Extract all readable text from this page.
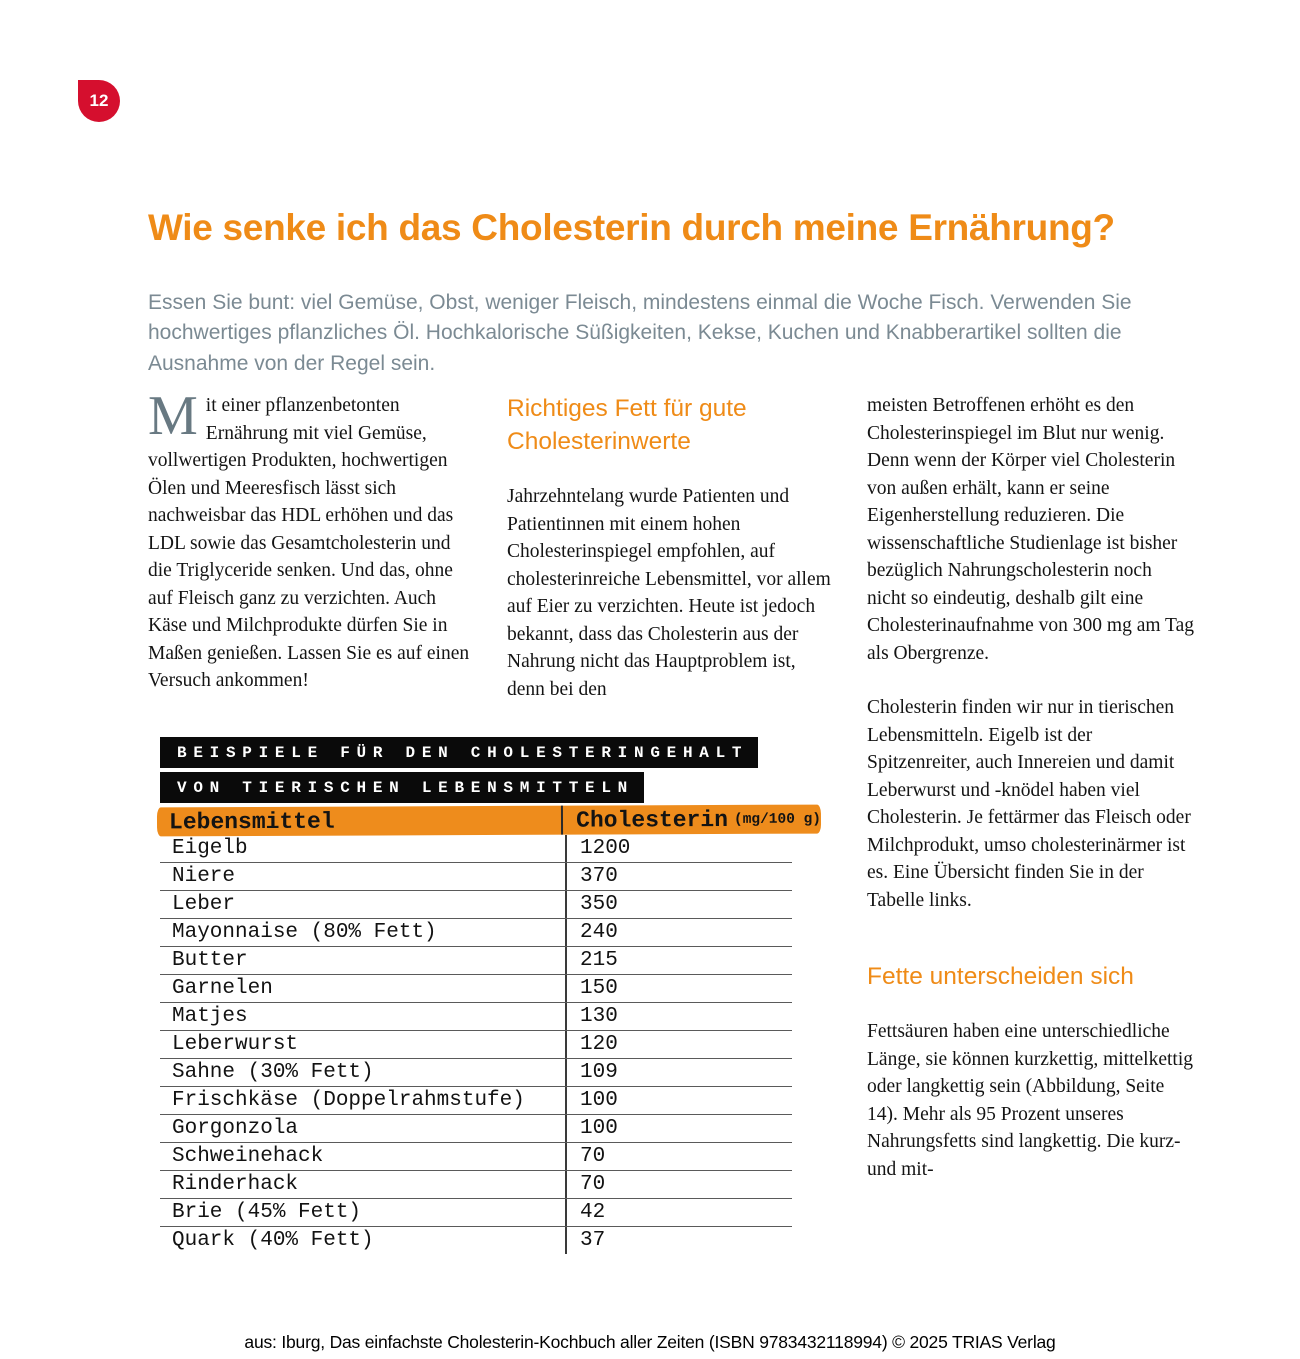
12
Wie senke ich das Cholesterin durch meine Ernährung?

Essen Sie bunt: viel Gemüse, Obst, weniger Fleisch, mindestens einmal die Woche Fisch. Verwenden Sie hochwertiges pflanzliches Öl. Hochkalorische Süßigkeiten, Kekse, Kuchen und Knabberartikel sollten die Ausnahme von der Regel sein.

Mit einer pflanzenbetonten Ernährung mit viel Gemüse, vollwertigen Produkten, hochwertigen Ölen und Meeresfisch lässt sich nachweisbar das HDL erhöhen und das LDL sowie das Gesamtcholesterin und die Triglyceride senken. Und das, ohne auf Fleisch ganz zu verzichten. Auch Käse und Milchprodukte dürfen Sie in Maßen genießen. Lassen Sie es auf einen Versuch ankommen!

Richtiges Fett für gute Cholesterinwerte

Jahrzehntelang wurde Patienten und Patientinnen mit einem hohen Cholesterinspiegel empfohlen, auf cholesterinreiche Lebensmittel, vor allem auf Eier zu verzichten. Heute ist jedoch bekannt, dass das Cholesterin aus der Nahrung nicht das Hauptproblem ist, denn bei den

meisten Betroffenen erhöht es den Cholesterinspiegel im Blut nur wenig. Denn wenn der Körper viel Cholesterin von außen erhält, kann er seine Eigenherstellung reduzieren. Die wissenschaftliche Studienlage ist bisher bezüglich Nahrungscholesterin noch nicht so eindeutig, deshalb gilt eine Cholesterinaufnahme von 300 mg am Tag als Obergrenze.

Cholesterin finden wir nur in tierischen Lebensmitteln. Eigelb ist der Spitzenreiter, auch Innereien und damit Leberwurst und -knödel haben viel Cholesterin. Je fettärmer das Fleisch oder Milchprodukt, umso cholesterinärmer ist es. Eine Übersicht finden Sie in der Tabelle links.

Fette unterscheiden sich

Fettsäuren haben eine unterschiedliche Länge, sie können kurzkettig, mittelkettig oder langkettig sein (Abbildung, Seite 14). Mehr als 95 Prozent unseres Nahrungsfetts sind langkettig. Die kurz- und mit-

BEISPIELE FÜR DEN CHOLESTERINGEHALT
VON TIERISCHEN LEBENSMITTELN
Lebensmittel	Cholesterin (mg/100 g)
Eigelb	1200
Niere	370
Leber	350
Mayonnaise (80% Fett)	240
Butter	215
Garnelen	150
Matjes	130
Leberwurst	120
Sahne (30% Fett)	109
Frischkäse (Doppelrahmstufe)	100
Gorgonzola	100
Schweinehack	70
Rinderhack	70
Brie (45% Fett)	42
Quark (40% Fett)	37
aus: Iburg, Das einfachste Cholesterin-Kochbuch aller Zeiten (ISBN 9783432118994) © 2025 TRIAS Verlag
